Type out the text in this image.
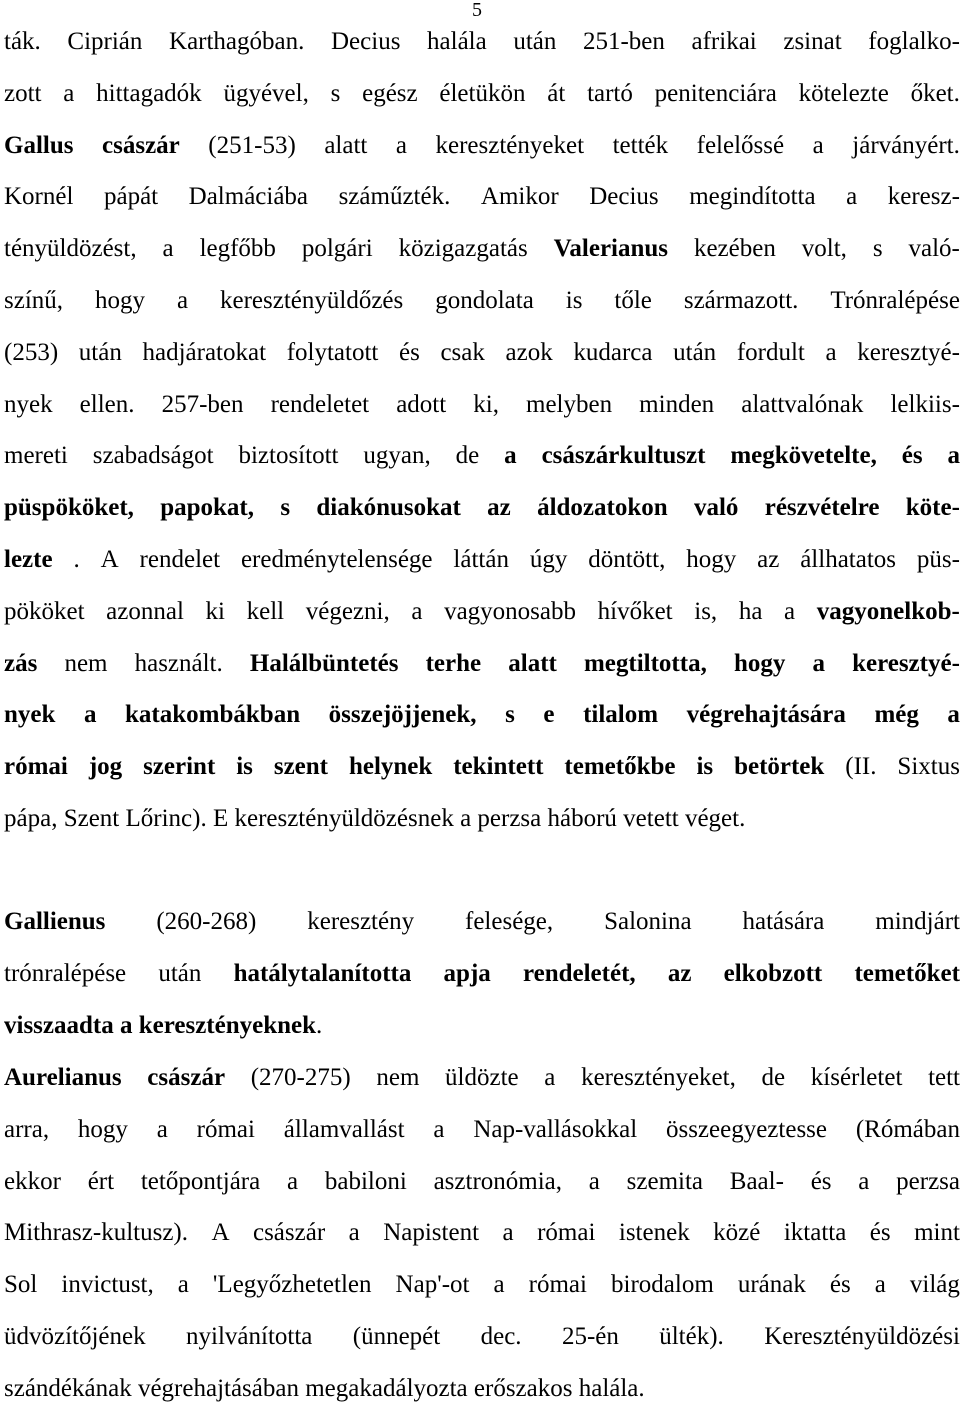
5
ták. Ciprián Karthagóban. Decius halála után 251-ben afrikai zsinat foglalko-
zott a hittagadók ügyével, s egész életükön át tartó penitenciára kötelezte őket.
Gallus császár (251-53) alatt a keresztényeket tették felelőssé a járványért.
Kornél pápát Dalmáciába száműzték. Amikor Decius megindította a keresz-
tényüldözést, a legfőbb polgári közigazgatás Valerianus kezében volt, s való-
színű, hogy a keresztényüldőzés gondolata is tőle származott. Trónralépése
(253) után hadjáratokat folytatott és csak azok kudarca után fordult a keresztyé-
nyek ellen. 257-ben rendeletet adott ki, melyben minden alattvalónak lelkiis-
mereti szabadságot biztosított ugyan, de a császárkultuszt megkövetelte, és a
püspököket, papokat, s diakónusokat az áldozatokon való részvételre köte-
lezte . A rendelet eredménytelensége láttán úgy döntött, hogy az állhatatos püs-
pököket azonnal ki kell végezni, a vagyonosabb hívőket is, ha a vagyonelkob-
zás nem használt. Halálbüntetés terhe alatt megtiltotta, hogy a keresztyé-
nyek a katakombákban összejöjjenek, s e tilalom végrehajtására még a
római jog szerint is szent helynek tekintett temetőkbe is betörtek (II. Sixtus
pápa, Szent Lőrinc). E keresztényüldözésnek a perzsa háború vetett véget.
Gallienus (260-268) keresztény felesége, Salonina hatására mindjárt
trónralépése után hatálytalanította apja rendeletét, az elkobzott temetőket
visszaadta a keresztényeknek.
Aurelianus császár (270-275) nem üldözte a keresztényeket, de kísérletet tett
arra, hogy a római államvallást a Nap-vallásokkal összeegyeztesse (Rómában
ekkor ért tetőpontjára a babiloni asztronómia, a szemita Baal- és a perzsa
Mithrasz-kultusz). A császár a Napistent a római istenek közé iktatta és mint
Sol invictust, a 'Legyőzhetetlen Nap'-ot a római birodalom urának és a világ
üdvözítőjének nyilvánította (ünnepét dec. 25-én ülték). Keresztényüldözési
szándékának végrehajtásában megakadályozta erőszakos halála.
